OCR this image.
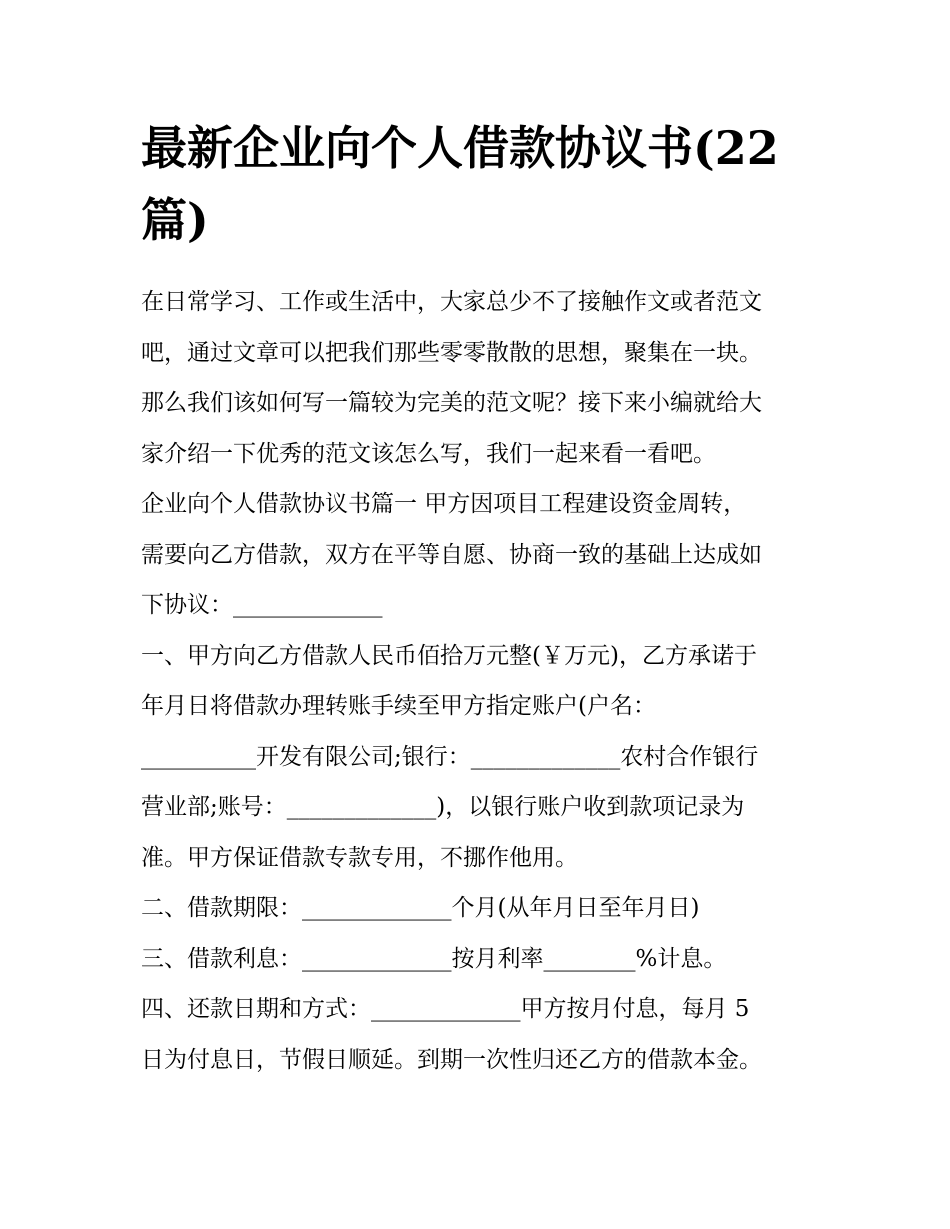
最新企业向个人借款协议书(22篇)
在日常学习、工作或生活中，大家总少不了接触作文或者范文
吧，通过文章可以把我们那些零零散散的思想，聚集在一块。
那么我们该如何写一篇较为完美的范文呢？接下来小编就给大
家介绍一下优秀的范文该怎么写，我们一起来看一看吧。
企业向个人借款协议书篇一 甲方因项目工程建设资金周转，
需要向乙方借款，双方在平等自愿、协商一致的基础上达成如
下协议：_____________
一、甲方向乙方借款人民币佰拾万元整(￥万元)，乙方承诺于
年月日将借款办理转账手续至甲方指定账户(户名：
__________开发有限公司;银行：_____________农村合作银行
营业部;账号：_____________)，以银行账户收到款项记录为
准。甲方保证借款专款专用，不挪作他用。
二、借款期限：_____________个月(从年月日至年月日)
三、借款利息：_____________按月利率________%计息。
四、还款日期和方式：_____________甲方按月付息，每月 5
日为付息日，节假日顺延。到期一次性归还乙方的借款本金。
